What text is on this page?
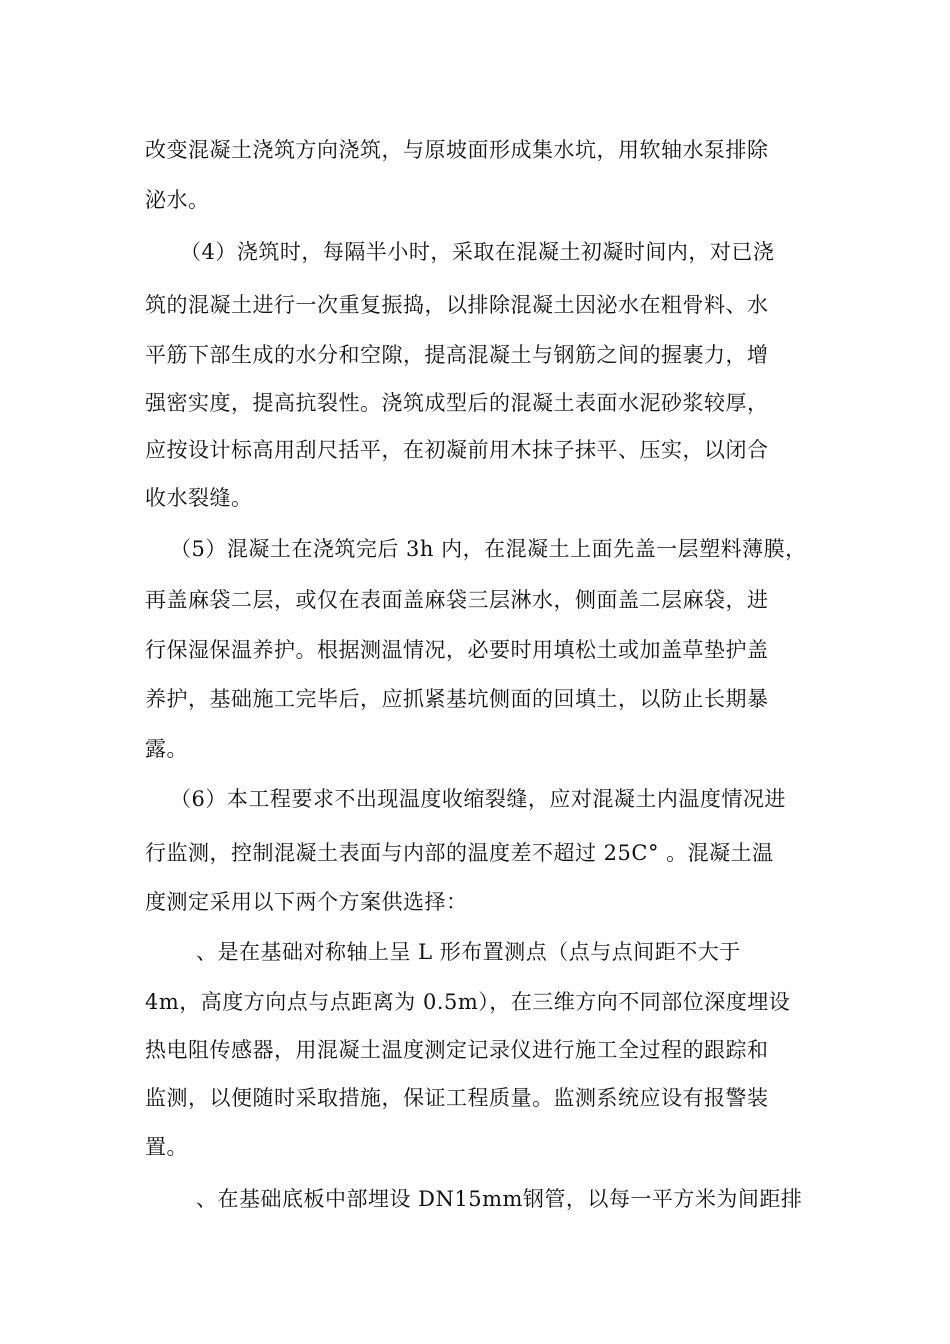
改变混凝土浇筑方向浇筑，与原坡面形成集水坑，用软轴水泵排除
泌水。
（4）浇筑时，每隔半小时，采取在混凝土初凝时间内，对已浇
筑的混凝土进行一次重复振捣，以排除混凝土因泌水在粗骨料、水
平筋下部生成的水分和空隙，提高混凝土与钢筋之间的握裹力，增
强密实度，提高抗裂性。浇筑成型后的混凝土表面水泥砂浆较厚，
应按设计标高用刮尺括平，在初凝前用木抹子抹平、压实，以闭合
收水裂缝。
（5）混凝土在浇筑完后 3h 内，在混凝土上面先盖一层塑料薄膜，
再盖麻袋二层，或仅在表面盖麻袋三层淋水，侧面盖二层麻袋，进
行保湿保温养护。根据测温情况，必要时用填松土或加盖草垫护盖
养护，基础施工完毕后，应抓紧基坑侧面的回填土，以防止长期暴
露。
（6）本工程要求不出现温度收缩裂缝，应对混凝土内温度情况进
行监测，控制混凝土表面与内部的温度差不超过 25C° 。混凝土温
度测定采用以下两个方案供选择：
、是在基础对称轴上呈 L 形布置测点（点与点间距不大于
4m，高度方向点与点距离为 0.5m），在三维方向不同部位深度埋设
热电阻传感器，用混凝土温度测定记录仪进行施工全过程的跟踪和
监测，以便随时采取措施，保证工程质量。监测系统应设有报警装
置。
、在基础底板中部埋设 DN15mm钢管，以每一平方米为间距排
